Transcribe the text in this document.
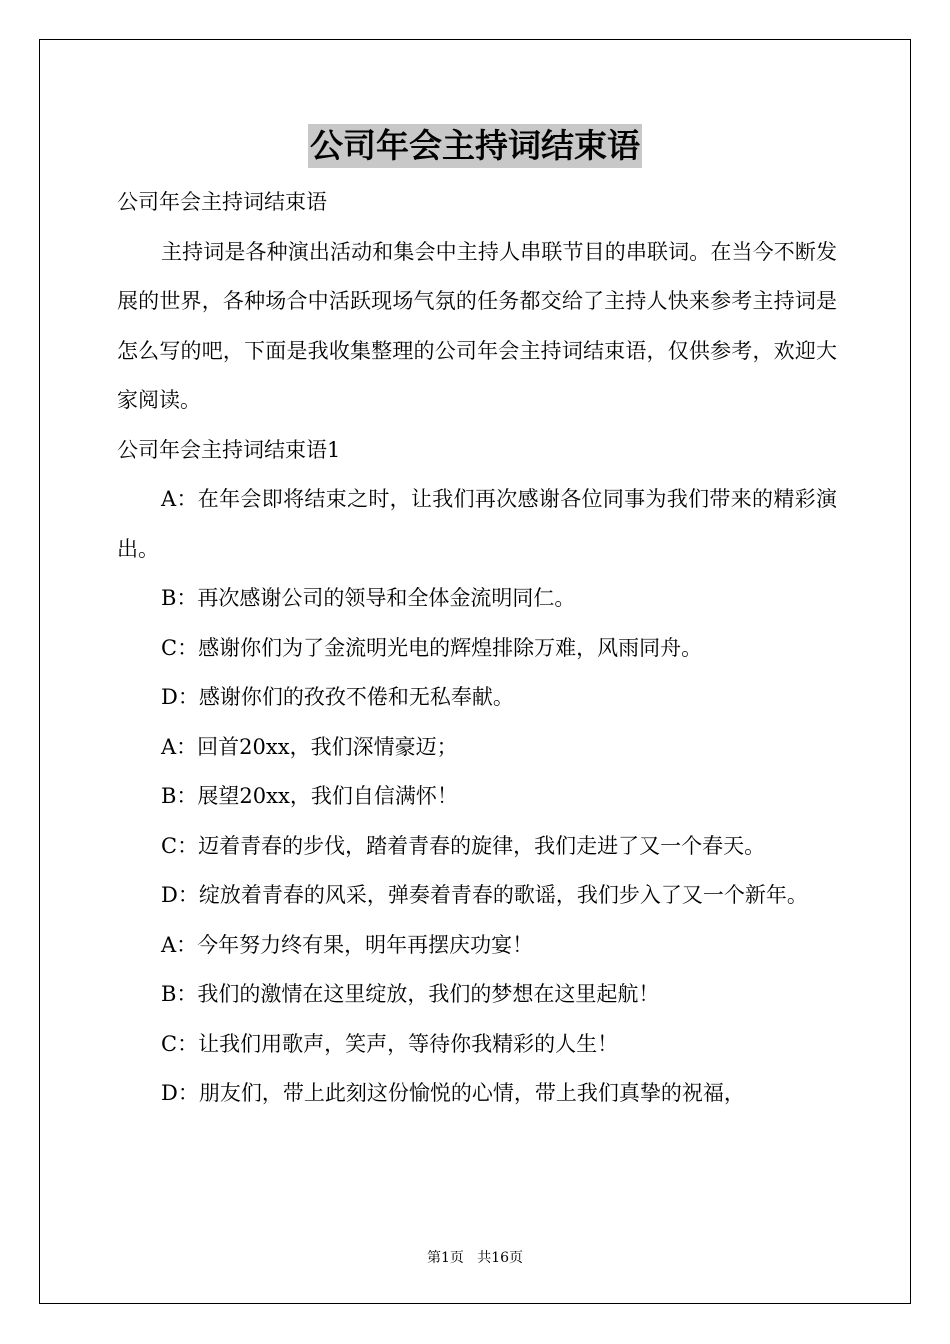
公司年会主持词结束语

公司年会主持词结束语

主持词是各种演出活动和集会中主持人串联节目的串联词。在当今不断发展的世界，各种场合中活跃现场气氛的任务都交给了主持人快来参考主持词是怎么写的吧，下面是我收集整理的公司年会主持词结束语，仅供参考，欢迎大家阅读。

公司年会主持词结束语1

A：在年会即将结束之时，让我们再次感谢各位同事为我们带来的精彩演出。

B：再次感谢公司的领导和全体金流明同仁。

C：感谢你们为了金流明光电的辉煌排除万难，风雨同舟。

D：感谢你们的孜孜不倦和无私奉献。

A：回首20xx，我们深情豪迈；

B：展望20xx，我们自信满怀！

C：迈着青春的步伐，踏着青春的旋律，我们走进了又一个春天。

D：绽放着青春的风采，弹奏着青春的歌谣，我们步入了又一个新年。

A：今年努力终有果，明年再摆庆功宴！

B：我们的激情在这里绽放，我们的梦想在这里起航！

C：让我们用歌声，笑声，等待你我精彩的人生！

D：朋友们，带上此刻这份愉悦的心情，带上我们真挚的祝福，

第1页   共16页
